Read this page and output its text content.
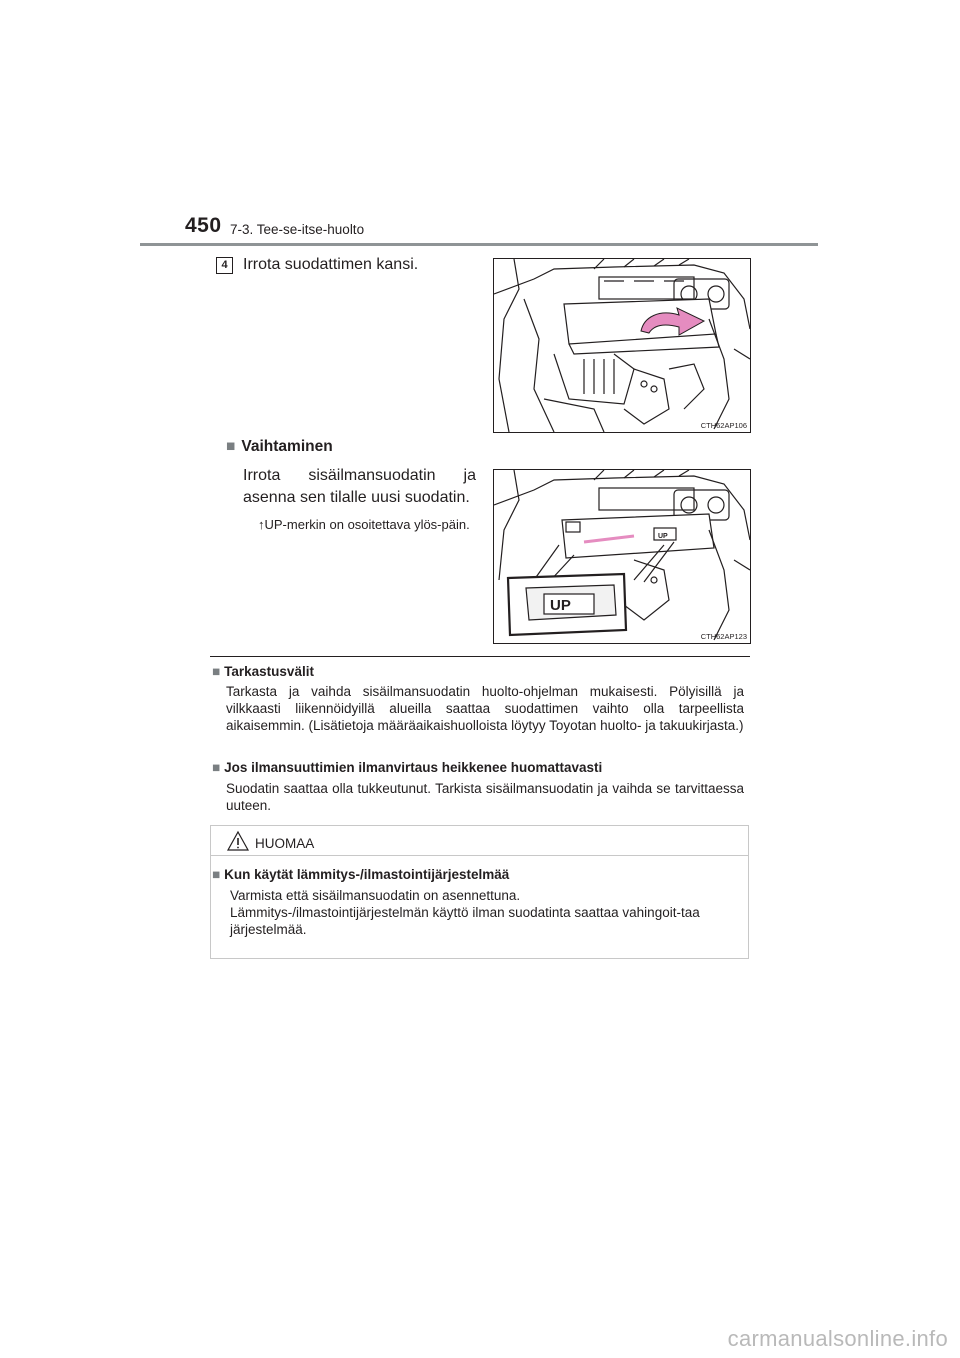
450 7-3. Tee-se-itse-huolto
4 Irrota suodattimen kansi.
CTH62AP106
■ Vaihtaminen
Irrota sisäilmansuodatin ja asenna sen tilalle uusi suodatin.
↑UP-merkin on osoitettava ylös-päin.
UP
UP
CTH62AP123
■ Tarkastusvälit
Tarkasta ja vaihda sisäilmansuodatin huolto-ohjelman mukaisesti. Pölyisillä ja vilkkaasti liikennöidyillä alueilla saattaa suodattimen vaihto olla tarpeellista aikaisemmin. (Lisätietoja määräaikaishuolloista löytyy Toyotan huolto- ja takuukirjasta.)
■ Jos ilmansuuttimien ilmanvirtaus heikkenee huomattavasti
Suodatin saattaa olla tukkeutunut. Tarkista sisäilmansuodatin ja vaihda se tarvittaessa uuteen.
HUOMAA
■ Kun käytät lämmitys-/ilmastointijärjestelmää
Varmista että sisäilmansuodatin on asennettuna.
Lämmitys-/ilmastointijärjestelmän käyttö ilman suodatinta saattaa vahingoit-taa järjestelmää.
carmanualsonline.info
